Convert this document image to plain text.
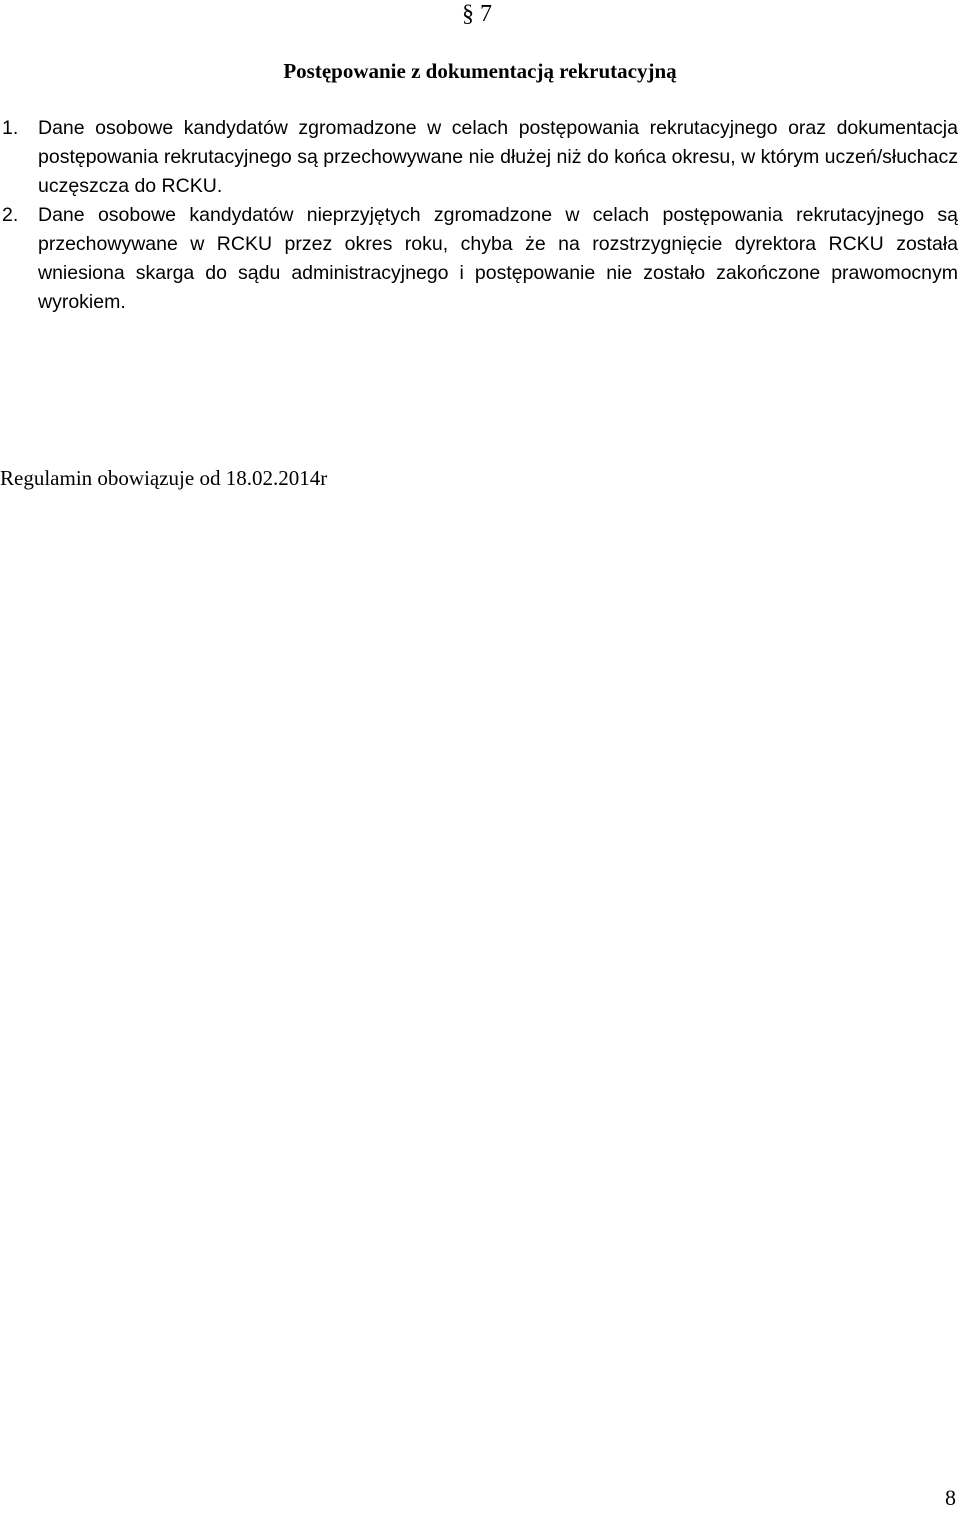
§ 7
Postępowanie z dokumentacją rekrutacyjną
1. Dane osobowe kandydatów zgromadzone w celach postępowania rekrutacyjnego oraz dokumentacja postępowania rekrutacyjnego są przechowywane nie dłużej niż do końca okresu, w którym uczeń/słuchacz uczęszcza do RCKU.
2. Dane osobowe kandydatów nieprzyjętych zgromadzone w celach postępowania rekrutacyjnego są przechowywane w RCKU przez okres roku, chyba że na rozstrzygnięcie dyrektora RCKU została wniesiona skarga do sądu administracyjnego i postępowanie nie zostało zakończone prawomocnym wyrokiem.
Regulamin obowiązuje od 18.02.2014r
8
